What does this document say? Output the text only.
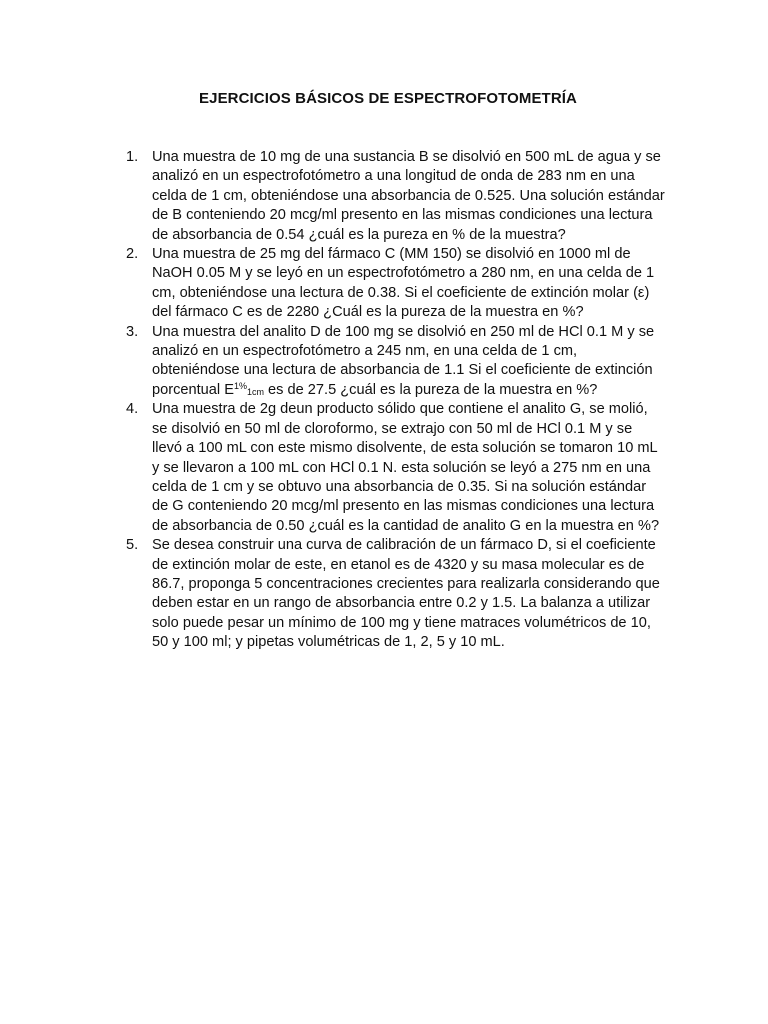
EJERCICIOS BÁSICOS DE ESPECTROFOTOMETRÍA
1. Una muestra de 10 mg de una sustancia B se disolvió en 500 mL de agua y se analizó en un espectrofotómetro a una longitud de onda de 283 nm en una celda de 1 cm, obteniéndose una absorbancia de 0.525. Una solución estándar de B conteniendo 20 mcg/ml presento en las mismas condiciones una lectura de absorbancia de 0.54 ¿cuál es la pureza en % de la muestra?
2. Una muestra de 25 mg del fármaco C (MM 150) se disolvió en 1000 ml de NaOH 0.05 M y se leyó en un espectrofotómetro a 280 nm, en una celda de 1 cm, obteniéndose una lectura de 0.38. Si el coeficiente de extinción molar (ε) del fármaco C es de 2280 ¿Cuál es la pureza de la muestra en %?
3. Una muestra del analito D de 100 mg se disolvió en 250 ml de HCl 0.1 M y se analizó en un espectrofotómetro a 245 nm, en una celda de 1 cm, obteniéndose una lectura de absorbancia de 1.1 Si el coeficiente de extinción porcentual $E^{1\%}_{1cm}$ es de 27.5 ¿cuál es la pureza de la muestra en %?
4. Una muestra de 2g deun producto sólido que contiene el analito G, se molió, se disolvió en 50 ml de cloroformo, se extrajo con 50 ml de HCl 0.1 M y se llevó a 100 mL con este mismo disolvente, de esta solución se tomaron 10 mL y se llevaron a 100 mL con HCl 0.1 N. esta solución se leyó a 275 nm en una celda de 1 cm y se obtuvo una absorbancia de 0.35. Si na solución estándar de G conteniendo 20 mcg/ml presento en las mismas condiciones una lectura de absorbancia de 0.50 ¿cuál es la cantidad de analito G en la muestra en %?
5. Se desea construir una curva de calibración de un fármaco D, si el coeficiente de extinción molar de este, en etanol es de 4320 y su masa molecular es de 86.7, proponga 5 concentraciones crecientes para realizarla considerando que deben estar en un rango de absorbancia entre 0.2 y 1.5. La balanza a utilizar solo puede pesar un mínimo de 100 mg y tiene matraces volumétricos de 10, 50 y 100 ml; y pipetas volumétricas de 1, 2, 5 y 10 mL.
